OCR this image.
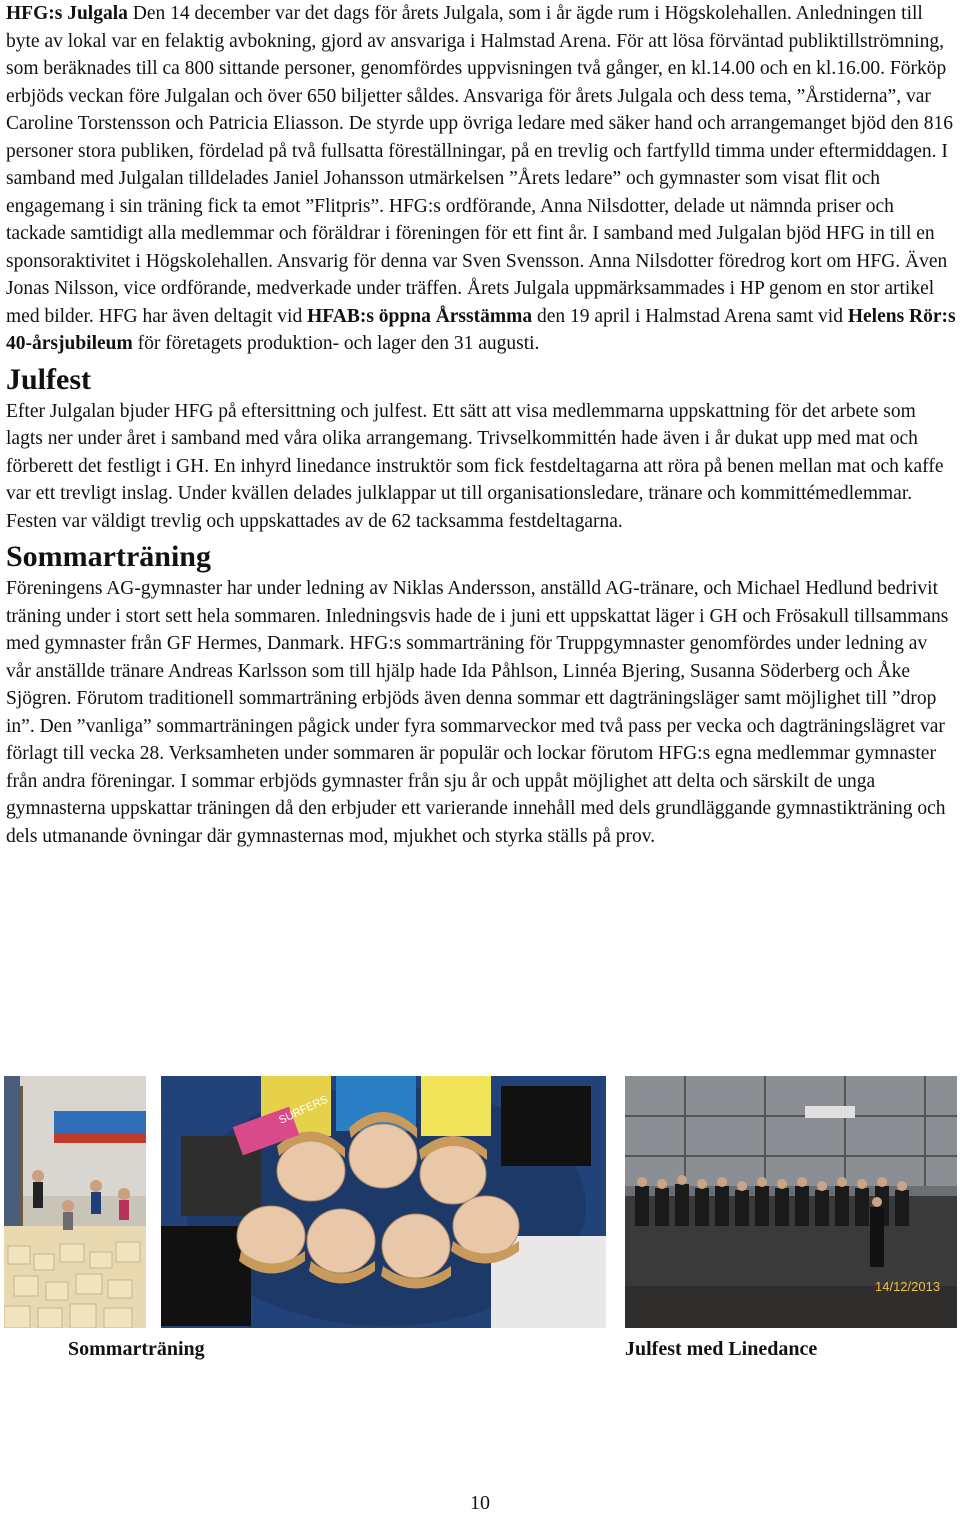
HFG:s Julgala Den 14 december var det dags för årets Julgala, som i år ägde rum i Högskolehallen. Anledningen till byte av lokal var en felaktig avbokning, gjord av ansvariga i Halmstad Arena. För att lösa förväntad publiktillströmning, som beräknades till ca 800 sittande personer, genomfördes uppvisningen två gånger, en kl.14.00 och en kl.16.00. Förköp erbjöds veckan före Julgalan och över 650 biljetter såldes. Ansvariga för årets Julgala och dess tema, ”Årstiderna”, var Caroline Torstensson och Patricia Eliasson. De styrde upp övriga ledare med säker hand och arrangemanget bjöd den 816 personer stora publiken, fördelad på två fullsatta föreställningar, på en trevlig och fartfylld timma under eftermiddagen. I samband med Julgalan tilldelades Janiel Johansson utmärkelsen ”Årets ledare” och gymnaster som visat flit och engagemang i sin träning fick ta emot ”Flitpris”. HFG:s ordförande, Anna Nilsdotter, delade ut nämnda priser och tackade samtidigt alla medlemmar och föräldrar i föreningen för ett fint år. I samband med Julgalan bjöd HFG in till en sponsoraktivitet i Högskolehallen. Ansvarig för denna var Sven Svensson. Anna Nilsdotter föredrog kort om HFG. Även Jonas Nilsson, vice ordförande, medverkade under träffen. Årets Julgala uppmärksammades i HP genom en stor artikel med bilder. HFG har även deltagit vid HFAB:s öppna Årsstämma den 19 april i Halmstad Arena samt vid Helens Rör:s 40-årsjubileum för företagets produktion- och lager den 31 augusti.

Julfest

Efter Julgalan bjuder HFG på eftersittning och julfest. Ett sätt att visa medlemmarna uppskattning för det arbete som lagts ner under året i samband med våra olika arrangemang. Trivselkommittén hade även i år dukat upp med mat och förberett det festligt i GH. En inhyrd linedance instruktör som fick festdeltagarna att röra på benen mellan mat och kaffe var ett trevligt inslag. Under kvällen delades julklappar ut till organisationsledare, tränare och kommittémedlemmar. Festen var väldigt trevlig och uppskattades av de 62 tacksamma festdeltagarna.

Sommarträning

Föreningens AG-gymnaster har under ledning av Niklas Andersson, anställd AG-tränare, och Michael Hedlund bedrivit träning under i stort sett hela sommaren. Inledningsvis hade de i juni ett uppskattat läger i GH och Frösakull tillsammans med gymnaster från GF Hermes, Danmark. HFG:s sommarträning för Truppgymnaster genomfördes under ledning av vår anställde tränare Andreas Karlsson som till hjälp hade Ida Påhlson, Linnéa Bjering, Susanna Söderberg och Åke Sjögren. Förutom traditionell sommarträning erbjöds även denna sommar ett dagträningsläger samt möjlighet till ”drop in”. Den ”vanliga” sommarträningen pågick under fyra sommarveckor med två pass per vecka och dagträningslägret var förlagt till vecka 28. Verksamheten under sommaren är populär och lockar förutom HFG:s egna medlemmar gymnaster från andra föreningar. I sommar erbjöds gymnaster från sju år och uppåt möjlighet att delta och särskilt de unga gymnasterna uppskattar träningen då den erbjuder ett varierande innehåll med dels grundläggande gymnastikträning och dels utmanande övningar där gymnasternas mod, mjukhet och styrka ställs på prov.

SURFERS
14/12/2013
Sommarträning	Julfest med Linedance
10
